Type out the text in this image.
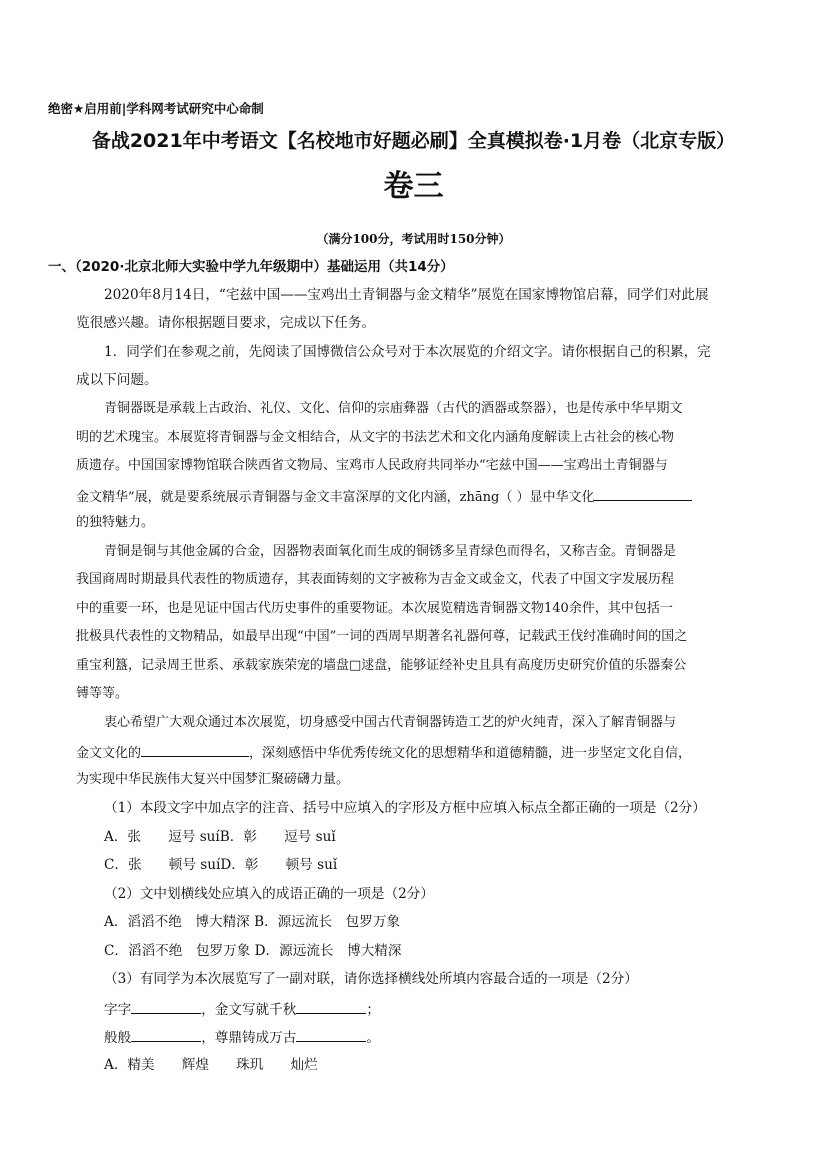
绝密★启用前|学科网考试研究中心命制
备战2021年中考语文【名校地市好题必刷】全真模拟卷·1月卷（北京专版）
卷三
（满分100分，考试用时150分钟）
一、（2020·北京北师大实验中学九年级期中）基础运用（共14分）
2020年8月14日，“宅兹中国——宝鸡出土青铜器与金文精华”展览在国家博物馆启幕，同学们对此展
览很感兴趣。请你根据题目要求，完成以下任务。
1．同学们在参观之前，先阅读了国博微信公众号对于本次展览的介绍文字。请你根据自己的积累，完
成以下问题。
青铜器既是承载上古政治、礼仪、文化、信仰的宗庙彝器（古代的酒器或祭器），也是传承中华早期文
明的艺术瑰宝。本展览将青铜器与金文相结合，从文字的书法艺术和文化内涵角度解读上古社会的核心物
质遗存。中国国家博物馆联合陕西省文物局、宝鸡市人民政府共同举办“宅兹中国——宝鸡出土青铜器与
金文精华”展，就是要系统展示青铜器与金文丰富深厚的文化内涵，zhāng（ ）显中华文化
的独特魅力。
青铜是铜与其他金属的合金，因器物表面氧化而生成的铜锈多呈青绿色而得名，又称吉金。青铜器是
我国商周时期最具代表性的物质遗存，其表面铸刻的文字被称为吉金文或金文，代表了中国文字发展历程
中的重要一环，也是见证中国古代历史事件的重要物证。本次展览精选青铜器文物140余件，其中包括一
批极具代表性的文物精品，如最早出现“中国”一词的西周早期著名礼器何尊，记载武王伐纣准确时间的国之
重宝利簋，记录周王世系、承载家族荣宠的墙盘□逑盘，能够证经补史且具有高度历史研究价值的乐器秦公
镈等等。
衷心希望广大观众通过本次展览，切身感受中国古代青铜器铸造工艺的炉火纯青，深入了解青铜器与
金文文化的	，深刻感悟中华优秀传统文化的思想精华和道德精髓，进一步坚定文化自信，
为实现中华民族伟大复兴中国梦汇聚磅礴力量。
（1）本段文字中加点字的注音、括号中应填入的字形及方框中应填入标点全都正确的一项是（2分）
A．张　　逗号 suíB．彰　　逗号 suǐ
C．张　　顿号 suíD．彰　　顿号 suǐ
（2）文中划横线处应填入的成语正确的一项是（2分）
A．滔滔不绝　博大精深 B．源远流长　包罗万象
C．滔滔不绝　包罗万象 D．源远流长　博大精深
（3）有同学为本次展览写了一副对联，请你选择横线处所填内容最合适的一项是（2分）
字字	，金文写就千秋	；
般般	，尊鼎铸成万古	。
A．精美　　辉煌　　珠玑　　灿烂
